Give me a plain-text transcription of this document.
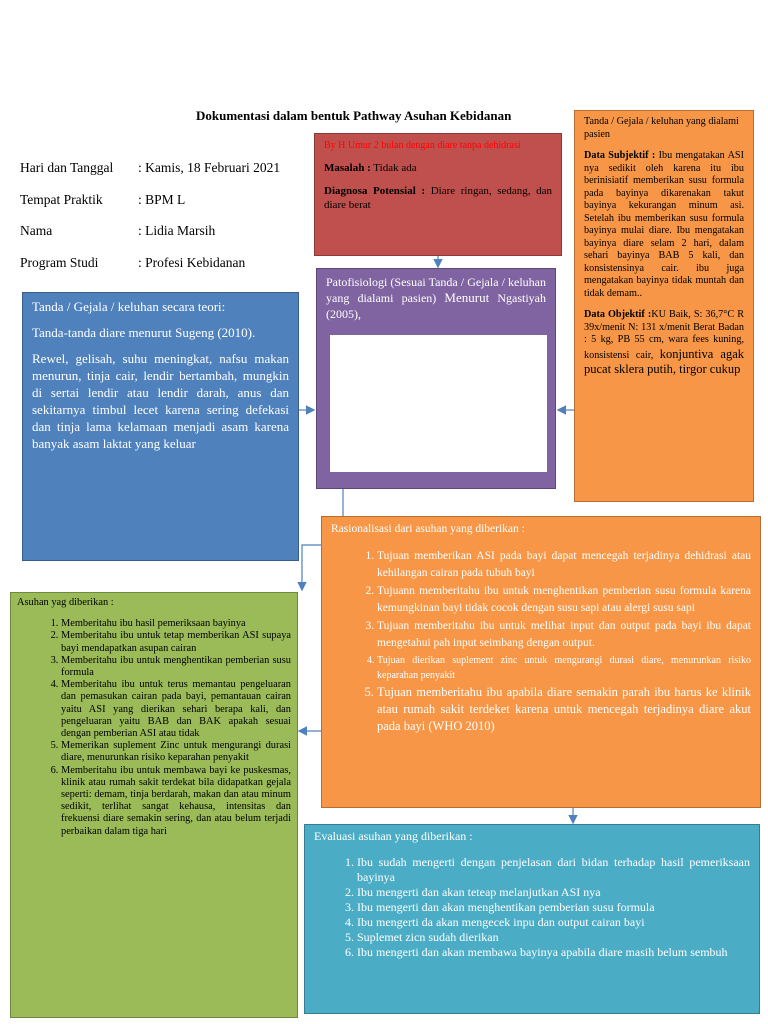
Dokumentasi dalam bentuk Pathway Asuhan Kebidanan
Hari dan Tanggal : Kamis, 18 Februari 2021
Tempat Praktik	: BPM L
Nama	: Lidia Marsih
Program Studi	: Profesi Kebidanan
By H Umur 2 bulan dengan diare tanpa dehidrasi

Masalah : Tidak ada

Diagnosa Potensial : Diare ringan, sedang, dan diare berat

Patofisiologi (Sesuai Tanda / Gejala / keluhan yang dialami pasien) Menurut Ngastiyah (2005),

Tanda / Gejala / keluhan yang dialami pasien

Data Subjektif : Ibu mengatakan ASI nya sedikit oleh karena itu ibu berinisiatif memberikan susu formula pada bayinya dikarenakan takut bayinya kekurangan minum asi. Setelah ibu memberikan susu formula bayinya mulai diare. Ibu mengatakan bayinya diare selam 2 hari, dalam sehari bayinya BAB 5 kali, dan konsistensinya cair. ibu juga mengatakan bayinya tidak muntah dan tidak demam..

Data Objektif :KU Baik, S: 36,7°C R 39x/menit N: 131 x/menit Berat Badan : 5 kg, PB 55 cm, wara fees kuning, konsistensi cair, konjuntiva agak pucat sklera putih, tirgor cukup

Tanda / Gejala / keluhan secara teori:

Tanda-tanda diare menurut Sugeng (2010).

Rewel, gelisah, suhu meningkat, nafsu makan menurun, tinja cair, lendir bertambah, mungkin di sertai lendir atau lendir darah, anus dan sekitarnya timbul lecet karena sering defekasi dan tinja lama kelamaan menjadi asam karena banyak asam laktat yang keluar

Rasionalisasi dari asuhan yang diberikan :
1. Tujuan memberikan ASI pada bayi dapat mencegah terjadinya dehidrasi atau kehilangan cairan pada tubuh bayi
2. Tujuann memberitahu ibu untuk menghentikan pemberian susu formula karena kemungkinan bayi tidak cocok dengan susu sapi atau alergi susu sapi
3. Tujuan memberitahu ibu untuk melihat input dan output pada bayi ibu dapat mengetahui pah input seimbang dengan output.
4. Tujuan dierikan suplement zinc untuk mengurangi durasi diare, menurunkan risiko keparahan penyakit
5. Tujuan memberitahu ibu apabila diare semakin parah ibu harus ke klinik atau rumah sakit terdeket karena untuk mencegah terjadinya diare akut pada bayi (WHO 2010)
Asuhan yag diberikan :
1. Memberitahu ibu hasil pemeriksaan bayinya
2. Memberitahu ibu untuk tetap memberikan ASI supaya bayi mendapatkan asupan cairan
3. Memberitahu ibu untuk menghentikan pemberian susu formula
4. Memberitahu ibu untuk terus memantau pengeluaran dan pemasukan cairan pada bayi, pemantauan cairan yaitu ASI yang dierikan sehari berapa kali, dan pengeluaran yaitu BAB dan BAK apakah sesuai dengan pemberian ASI atau tidak
5. Memerikan suplement Zinc untuk mengurangi durasi diare, menurunkan risiko keparahan penyakit
6. Memberitahu ibu untuk membawa bayi ke puskesmas, klinik atau rumah sakit terdekat bila didapatkan gejala seperti: demam, tinja berdarah, makan dan atau minum sedikit, terlihat sangat kehausa, intensitas dan frekuensi diare semakin sering, dan atau belum terjadi perbaikan dalam tiga hari	Evaluasi asuhan yang diberikan :
1. Ibu sudah mengerti dengan penjelasan dari bidan terhadap hasil pemeriksaan bayinya
2. Ibu mengerti dan akan teteap melanjutkan ASI nya
3. Ibu mengerti dan akan menghentikan pemberian susu formula
4. Ibu mengerti da akan mengecek inpu dan output cairan bayi
5. Suplemet zicn sudah dierikan
6. Ibu mengerti dan akan membawa bayinya apabila diare masih belum sembuh
